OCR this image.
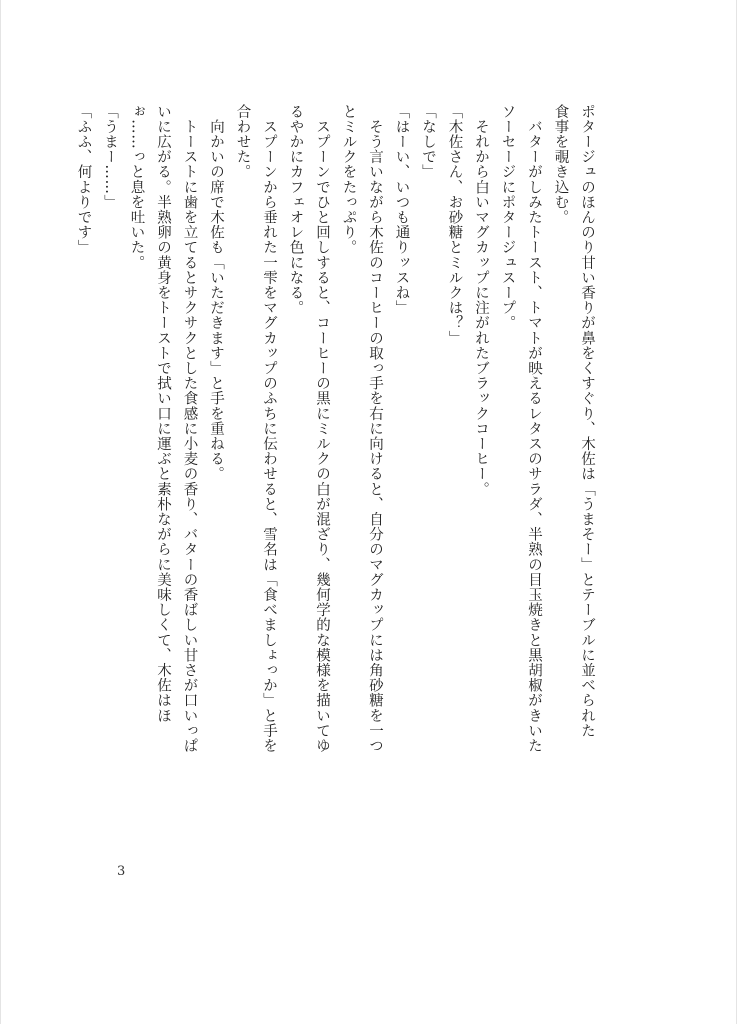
ポタージュのほんのり甘い香りが鼻をくすぐり、木佐は「うまそー」とテーブルに並べられた

食事を覗き込む。

　バターがしみたトースト、トマトが映えるレタスのサラダ、半熟の目玉焼きと黒胡椒がきいた

ソーセージにポタージュスープ。

　それから白いマグカップに注がれたブラックコーヒー。

「木佐さん、お砂糖とミルクは？」

「なしで」

「はーい、いつも通りッスね」

　そう言いながら木佐のコーヒーの取っ手を右に向けると、自分のマグカップには角砂糖を一つ

とミルクをたっぷり。

　スプーンでひと回しすると、コーヒーの黒にミルクの白が混ざり、幾何学的な模様を描いてゆ

るやかにカフェオレ色になる。

　スプーンから垂れた一雫をマグカップのふちに伝わせると、雪名は「食べましょっか」と手を

合わせた。

　向かいの席で木佐も「いただきます」と手を重ねる。

　トーストに歯を立てるとサクサクとした食感に小麦の香り、バターの香ばしい甘さが口いっぱ

いに広がる。半熟卵の黄身をトーストで拭い口に運ぶと素朴ながらに美味しくて、木佐はほ

ぉ……っと息を吐いた。

「うまー……」

「ふふ、何よりです」

3
